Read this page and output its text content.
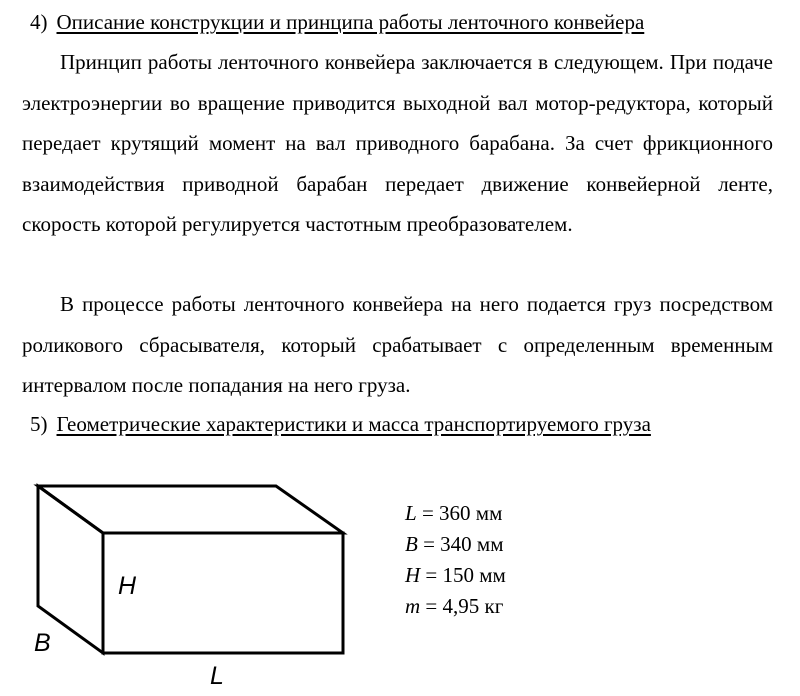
4) Описание конструкции и принципа работы ленточного конвейера

Принцип работы ленточного конвейера заключается в следующем. При подаче электроэнергии во вращение приводится выходной вал мотор-редуктора, который передает крутящий момент на вал приводного барабана. За счет фрикционного взаимодействия приводной барабан передает движение конвейерной ленте, скорость которой регулируется частотным преобразователем.

В процессе работы ленточного конвейера на него подается груз посредством роликового сбрасывателя, который срабатывает с определенным временным интервалом после попадания на него груза.

5) Геометрические характеристики и масса транспортируемого груза
H
B
L
L = 360 мм
B = 340 мм
H = 150 мм
m = 4,95 кг
